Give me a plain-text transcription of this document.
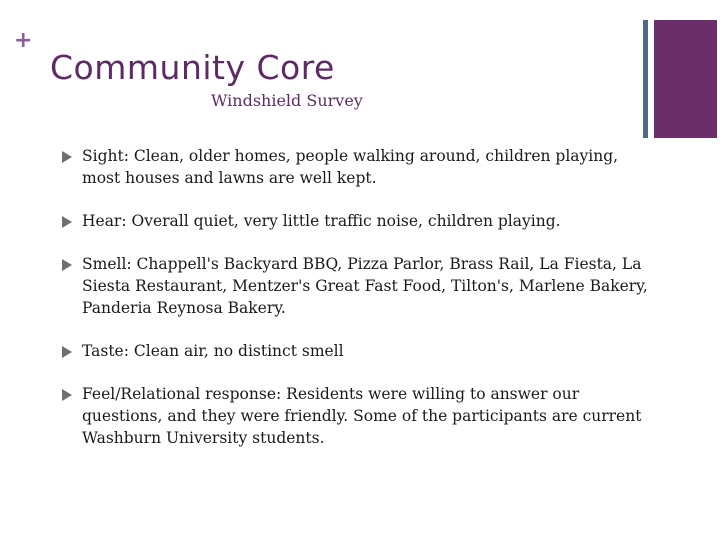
+
Community Core
Windshield Survey
Sight: Clean, older homes, people walking around, children playing, most houses and lawns are well kept.
Hear: Overall quiet, very little traffic noise, children playing.
Smell: Chappell's Backyard BBQ, Pizza Parlor, Brass Rail, La Fiesta, La Siesta Restaurant, Mentzer's Great Fast Food, Tilton's, Marlene Bakery, Panderia Reynosa Bakery.
Taste: Clean air, no distinct smell
Feel/Relational response: Residents were willing to answer our questions, and they were friendly. Some of the participants are current Washburn University students.
